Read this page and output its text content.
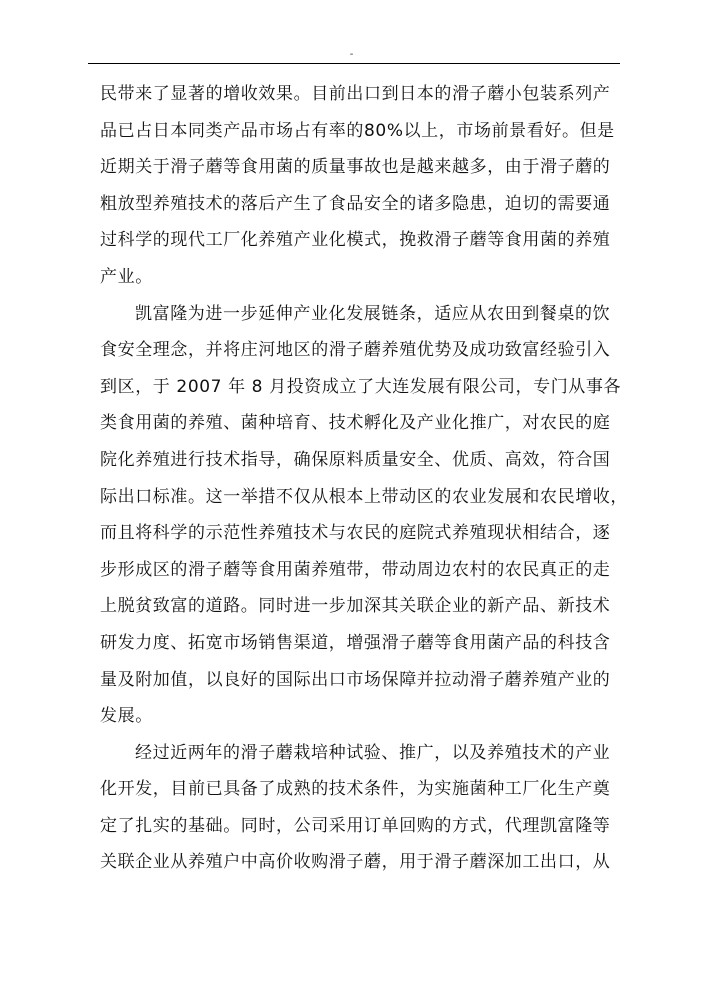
-

民带来了显著的增收效果。目前出口到日本的滑子蘑小包装系列产
品已占日本同类产品市场占有率的80%以上，市场前景看好。但是
近期关于滑子蘑等食用菌的质量事故也是越来越多，由于滑子蘑的
粗放型养殖技术的落后产生了食品安全的诸多隐患，迫切的需要通
过科学的现代工厂化养殖产业化模式，挽救滑子蘑等食用菌的养殖
产业。

凯富隆为进一步延伸产业化发展链条，适应从农田到餐桌的饮
食安全理念，并将庄河地区的滑子蘑养殖优势及成功致富经验引入
到区，于 2007 年 8 月投资成立了大连发展有限公司，专门从事各
类食用菌的养殖、菌种培育、技术孵化及产业化推广，对农民的庭
院化养殖进行技术指导，确保原料质量安全、优质、高效，符合国
际出口标准。这一举措不仅从根本上带动区的农业发展和农民增收，
而且将科学的示范性养殖技术与农民的庭院式养殖现状相结合，逐
步形成区的滑子蘑等食用菌养殖带，带动周边农村的农民真正的走
上脱贫致富的道路。同时进一步加深其关联企业的新产品、新技术
研发力度、拓宽市场销售渠道，增强滑子蘑等食用菌产品的科技含
量及附加值，以良好的国际出口市场保障并拉动滑子蘑养殖产业的
发展。

经过近两年的滑子蘑栽培种试验、推广，以及养殖技术的产业
化开发，目前已具备了成熟的技术条件，为实施菌种工厂化生产奠
定了扎实的基础。同时，公司采用订单回购的方式，代理凯富隆等
关联企业从养殖户中高价收购滑子蘑，用于滑子蘑深加工出口，从
